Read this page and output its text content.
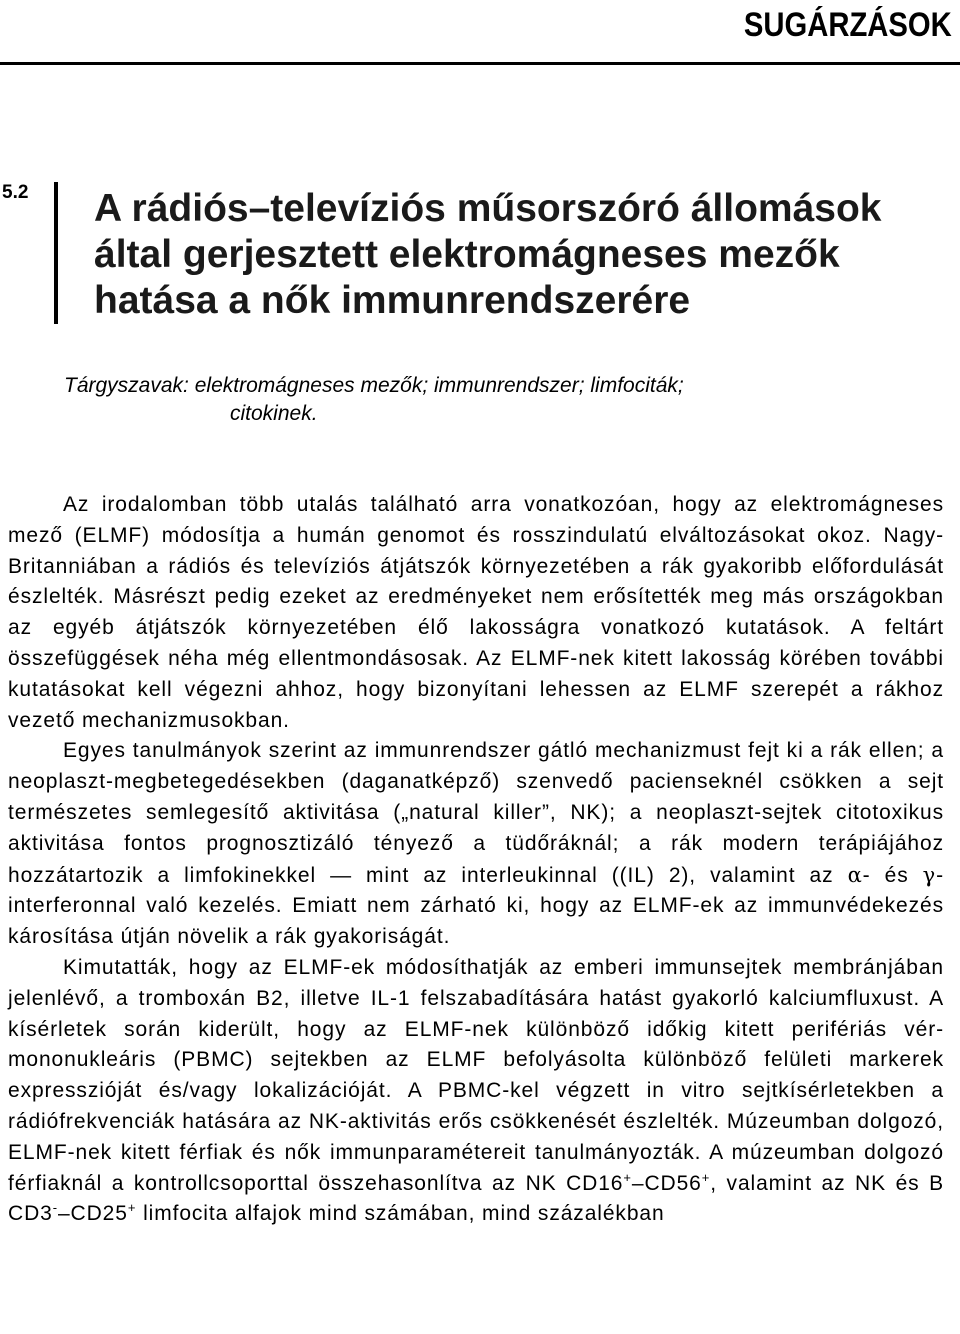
SUGÁRZÁSOK
5.2 A rádiós–televíziós műsorszóró állomások által gerjesztett elektromágneses mezők hatása a nők immunrendszerére
Tárgyszavak: elektromágneses mezők; immunrendszer; limfociták;
citokinek.

Az irodalomban több utalás található arra vonatkozóan, hogy az elektromágneses mező (ELMF) módosítja a humán genomot és rosszindulatú elváltozásokat okoz. Nagy-Britanniában a rádiós és televíziós átjátszók környezetében a rák gyakoribb előfordulását észlelték. Másrészt pedig ezeket az eredményeket nem erősítették meg más országokban az egyéb átjátszók környezetében élő lakosságra vonatkozó kutatások. A feltárt összefüggések néha még ellentmondásosak. Az ELMF-nek kitett lakosság körében további kutatásokat kell végezni ahhoz, hogy bizonyítani lehessen az ELMF szerepét a rákhoz vezető mechanizmusokban.

Egyes tanulmányok szerint az immunrendszer gátló mechanizmust fejt ki a rák ellen; a neoplaszt-megbetegedésekben (daganatképző) szenvedő pacienseknél csökken a sejt természetes semlegesítő aktivitása („natural killer”, NK); a neoplaszt-sejtek citotoxikus aktivitása fontos prognosztizáló tényező a tüdőráknál; a rák modern terápiájához hozzátartozik a limfokinekkel — mint az interleukinnal ((IL) 2), valamint az α- és γ-interferonnal való kezelés. Emiatt nem zárható ki, hogy az ELMF-ek az immunvédekezés károsítása útján növelik a rák gyakoriságát.

Kimutatták, hogy az ELMF-ek módosíthatják az emberi immunsejtek membránjában jelenlévő, a tromboxán B2, illetve IL-1 felszabadítására hatást gyakorló kalciumfluxust. A kísérletek során kiderült, hogy az ELMF-nek különböző időkig kitett perifériás vér-mononukleáris (PBMC) sejtekben az ELMF befolyásolta különböző felületi markerek expresszióját és/vagy lokalizációját. A PBMC-kel végzett in vitro sejtkísérletekben a rádiófrekvenciák hatására az NK-aktivitás erős csökkenését észlelték. Múzeumban dolgozó, ELMF-nek kitett férfiak és nők immunparamétereit tanulmányozták. A múzeumban dolgozó férfiaknál a kontrollcsoporttal összehasonlítva az NK CD16+–CD56+, valamint az NK és B CD3-–CD25+ limfocita alfajok mind számában, mind százalékban
